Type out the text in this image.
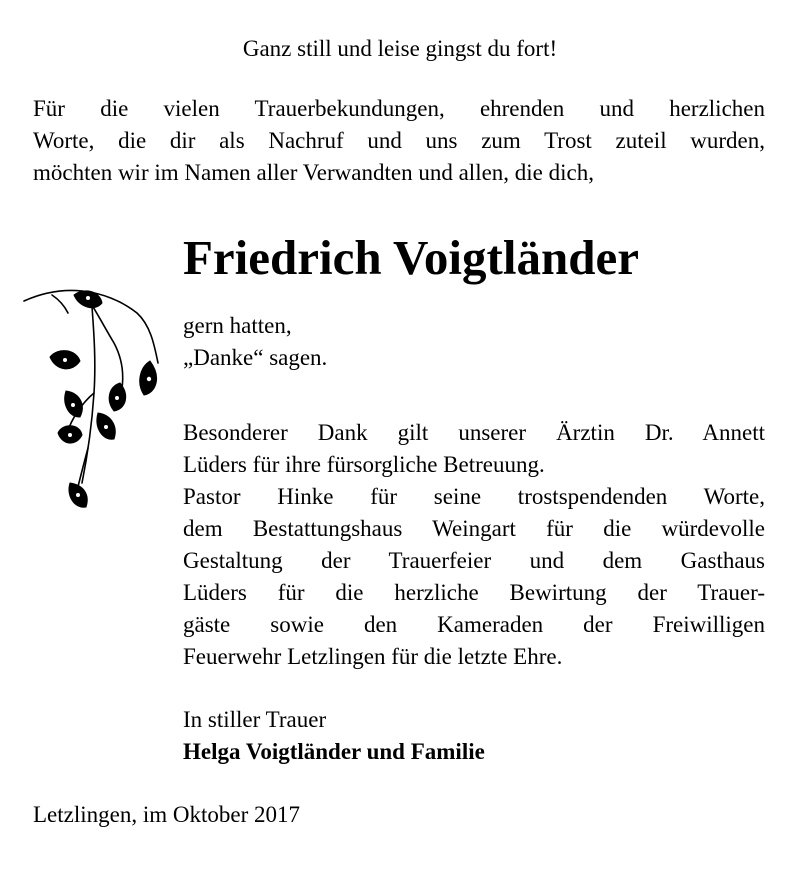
Ganz still und leise gingst du fort!
Für die vielen Trauerbekundungen, ehrenden und herzlichen
Worte, die dir als Nachruf und uns zum Trost zuteil wurden,
möchten wir im Namen aller Verwandten und allen, die dich,
Friedrich Voigtländer
gern hatten,
„Danke“ sagen.
Besonderer Dank gilt unserer Ärztin Dr. Annett
Lüders für ihre fürsorgliche Betreuung.
Pastor Hinke für seine trostspendenden Worte,
dem Bestattungshaus Weingart für die würdevolle
Gestaltung der Trauerfeier und dem Gasthaus
Lüders für die herzliche Bewirtung der Trauer-
gäste sowie den Kameraden der Freiwilligen
Feuerwehr Letzlingen für die letzte Ehre.
In stiller Trauer
Helga Voigtländer und Familie
Letzlingen, im Oktober 2017
